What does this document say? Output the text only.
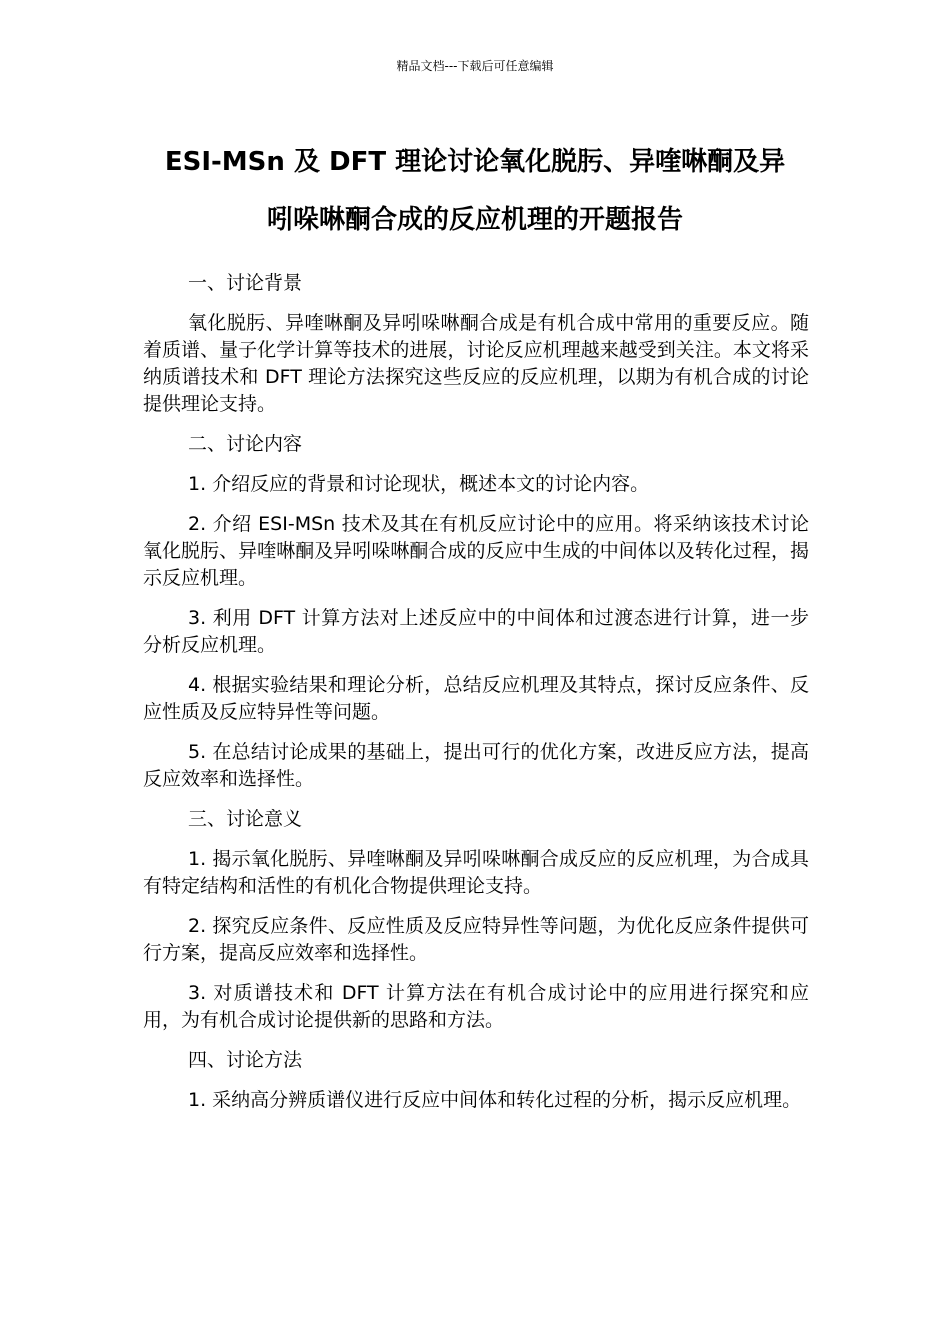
精品文档---下载后可任意编辑
ESI-MSn 及 DFT 理论讨论氧化脱肟、异喹啉酮及异
吲哚啉酮合成的反应机理的开题报告

一、讨论背景

氧化脱肟、异喹啉酮及异吲哚啉酮合成是有机合成中常用的重要反应。随着质谱、量子化学计算等技术的进展，讨论反应机理越来越受到关注。本文将采纳质谱技术和 DFT 理论方法探究这些反应的反应机理，以期为有机合成的讨论提供理论支持。

二、讨论内容

1. 介绍反应的背景和讨论现状，概述本文的讨论内容。

2. 介绍 ESI-MSn 技术及其在有机反应讨论中的应用。将采纳该技术讨论氧化脱肟、异喹啉酮及异吲哚啉酮合成的反应中生成的中间体以及转化过程，揭示反应机理。

3. 利用 DFT 计算方法对上述反应中的中间体和过渡态进行计算，进一步分析反应机理。

4. 根据实验结果和理论分析，总结反应机理及其特点，探讨反应条件、反应性质及反应特异性等问题。

5. 在总结讨论成果的基础上，提出可行的优化方案，改进反应方法，提高反应效率和选择性。

三、讨论意义

1. 揭示氧化脱肟、异喹啉酮及异吲哚啉酮合成反应的反应机理，为合成具有特定结构和活性的有机化合物提供理论支持。

2. 探究反应条件、反应性质及反应特异性等问题，为优化反应条件提供可行方案，提高反应效率和选择性。

3. 对质谱技术和 DFT 计算方法在有机合成讨论中的应用进行探究和应用，为有机合成讨论提供新的思路和方法。

四、讨论方法

1. 采纳高分辨质谱仪进行反应中间体和转化过程的分析，揭示反应机理。
